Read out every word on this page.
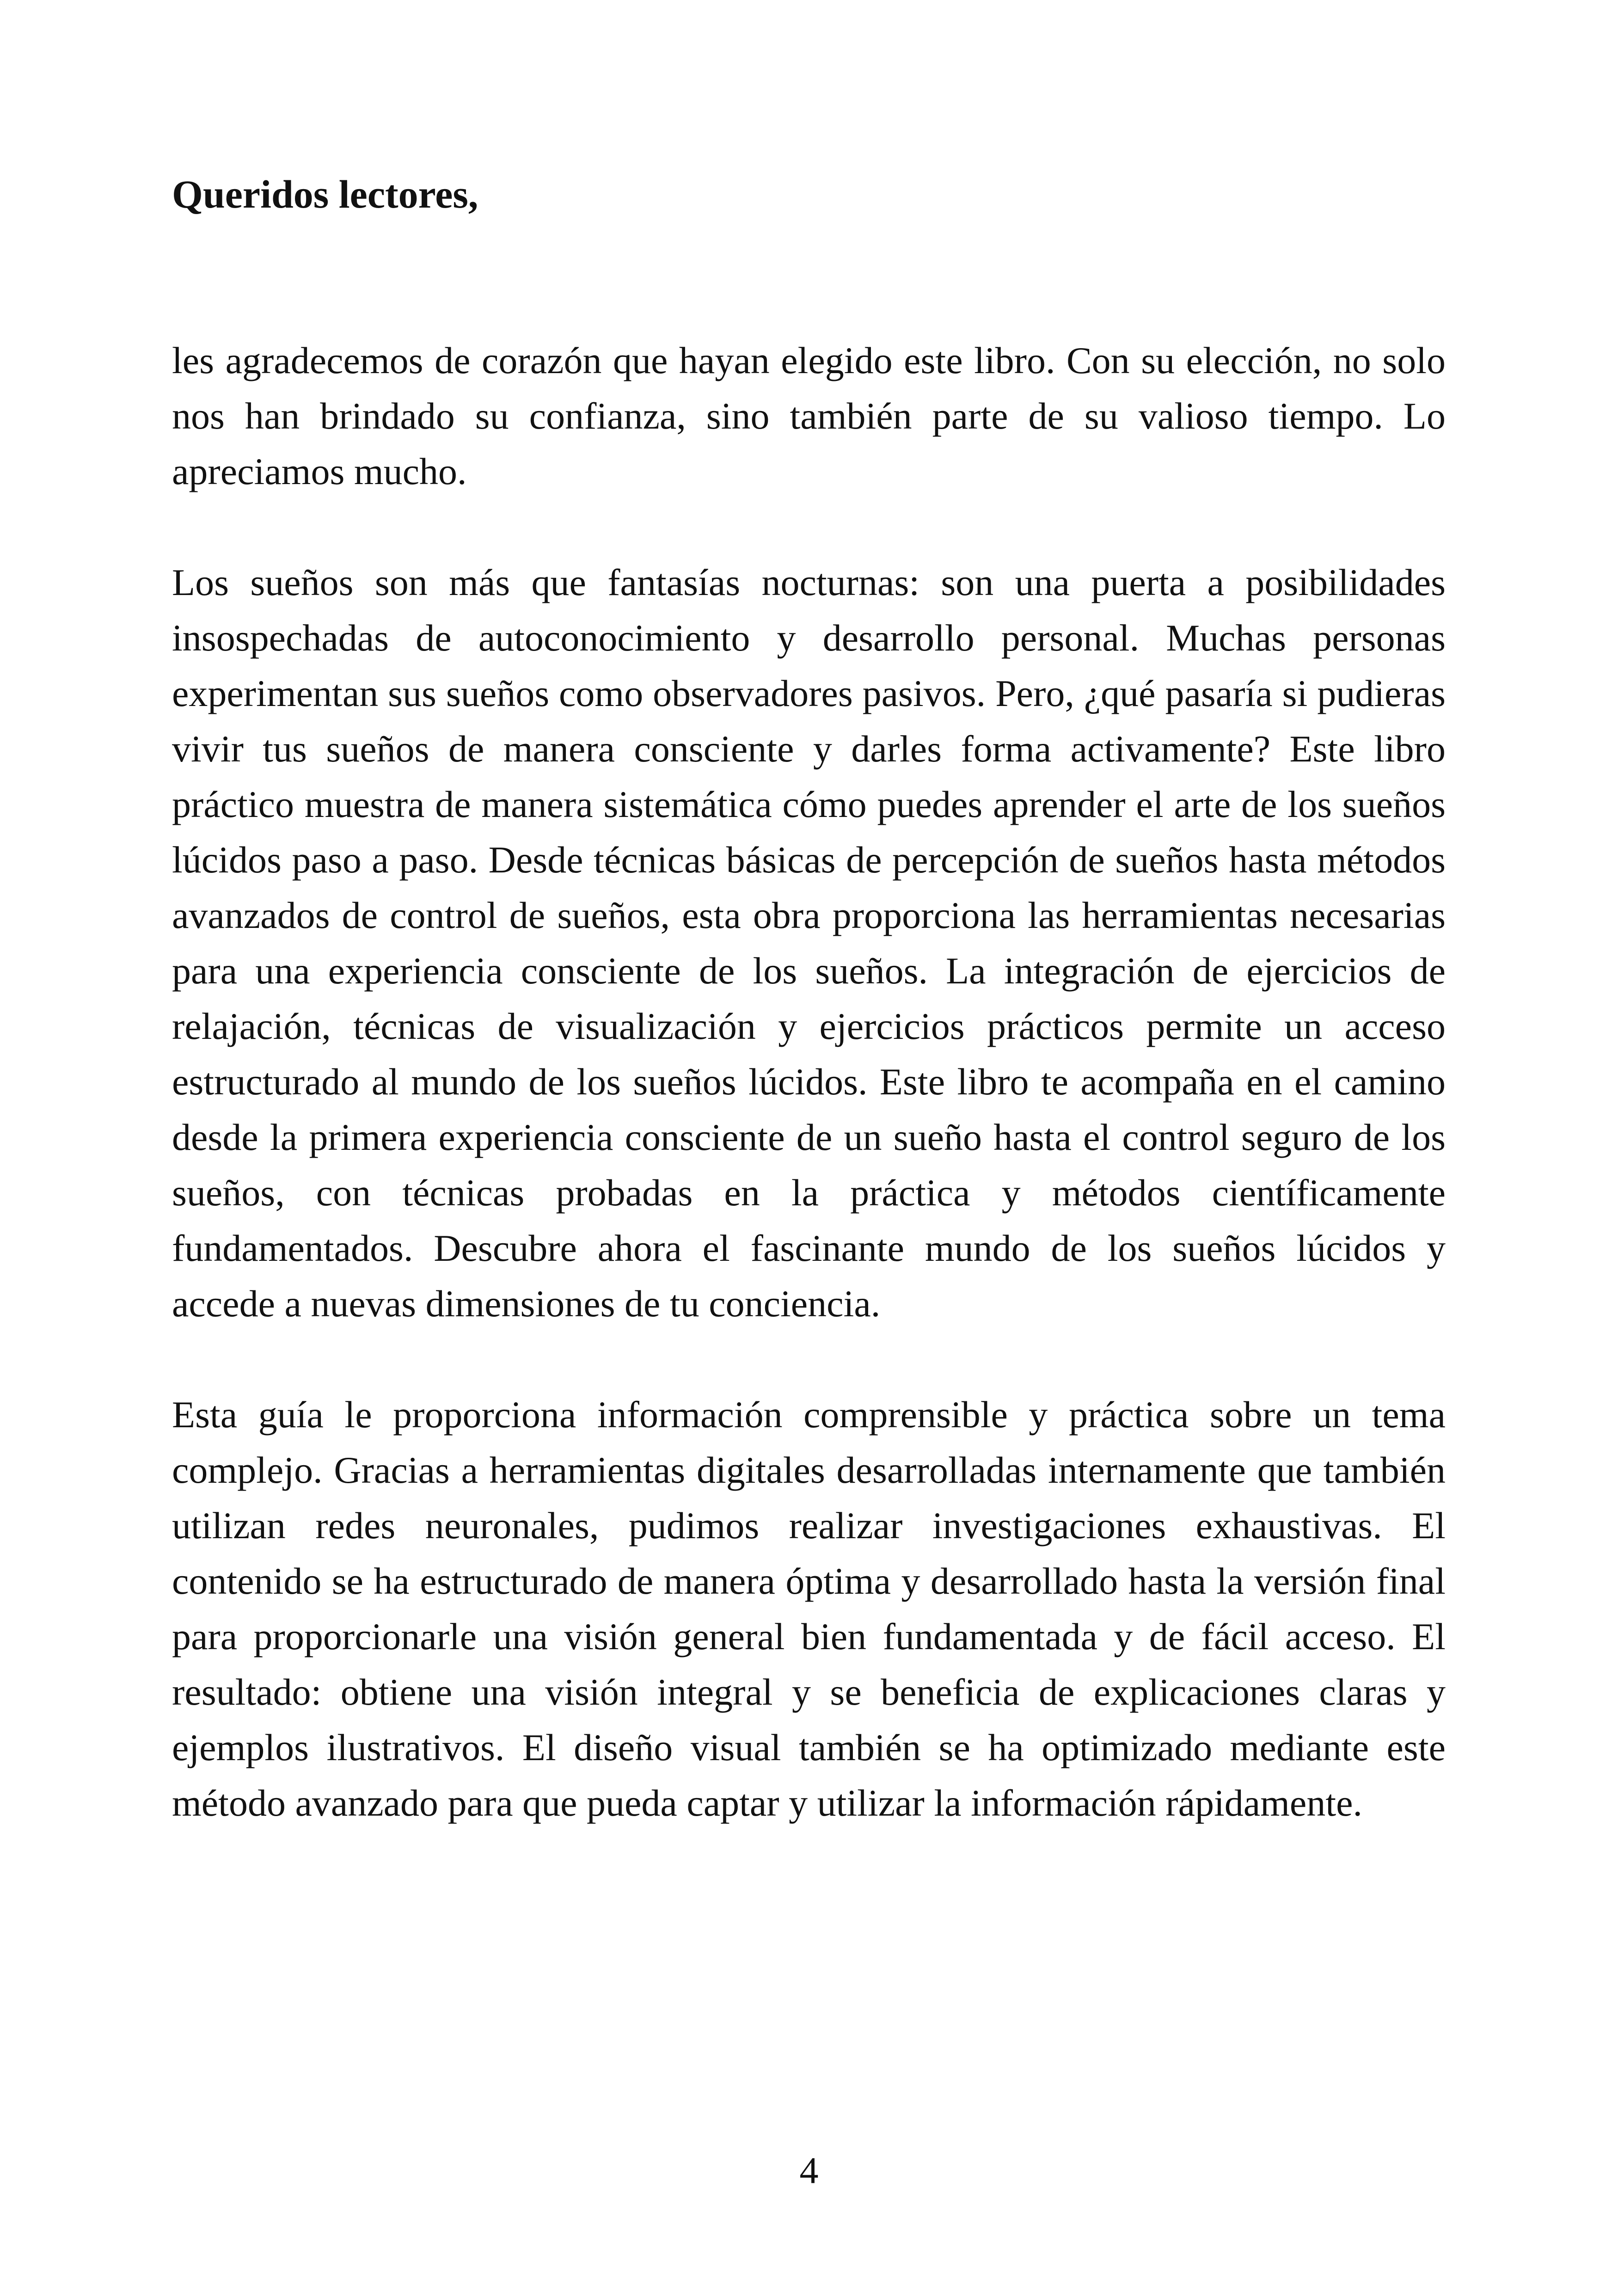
Queridos lectores,

les agradecemos de corazón que hayan elegido este libro. Con su elección, no solo nos han brindado su confianza, sino también parte de su valioso tiempo. Lo apreciamos mucho.

Los sueños son más que fantasías nocturnas: son una puerta a posibilidades insospechadas de autoconocimiento y desarrollo personal. Muchas personas experimentan sus sueños como observadores pasivos. Pero, ¿qué pasaría si pudieras vivir tus sueños de manera consciente y darles forma activamente? Este libro práctico muestra de manera sistemática cómo puedes aprender el arte de los sueños lúcidos paso a paso. Desde técnicas básicas de percepción de sueños hasta métodos avanzados de control de sueños, esta obra proporciona las herramientas necesarias para una experiencia consciente de los sueños. La integración de ejercicios de relajación, técnicas de visualización y ejercicios prácticos permite un acceso estructurado al mundo de los sueños lúcidos. Este libro te acompaña en el camino desde la primera experiencia consciente de un sueño hasta el control seguro de los sueños, con técnicas probadas en la práctica y métodos científicamente fundamentados. Descubre ahora el fascinante mundo de los sueños lúcidos y accede a nuevas dimensiones de tu conciencia.

Esta guía le proporciona información comprensible y práctica sobre un tema complejo. Gracias a herramientas digitales desarrolladas internamente que también utilizan redes neuronales, pudimos realizar investigaciones exhaustivas. El contenido se ha estructurado de manera óptima y desarrollado hasta la versión final para proporcionarle una visión general bien fundamentada y de fácil acceso. El resultado: obtiene una visión integral y se beneficia de explicaciones claras y ejemplos ilustrativos. El diseño visual también se ha optimizado mediante este método avanzado para que pueda captar y utilizar la información rápidamente.

4
